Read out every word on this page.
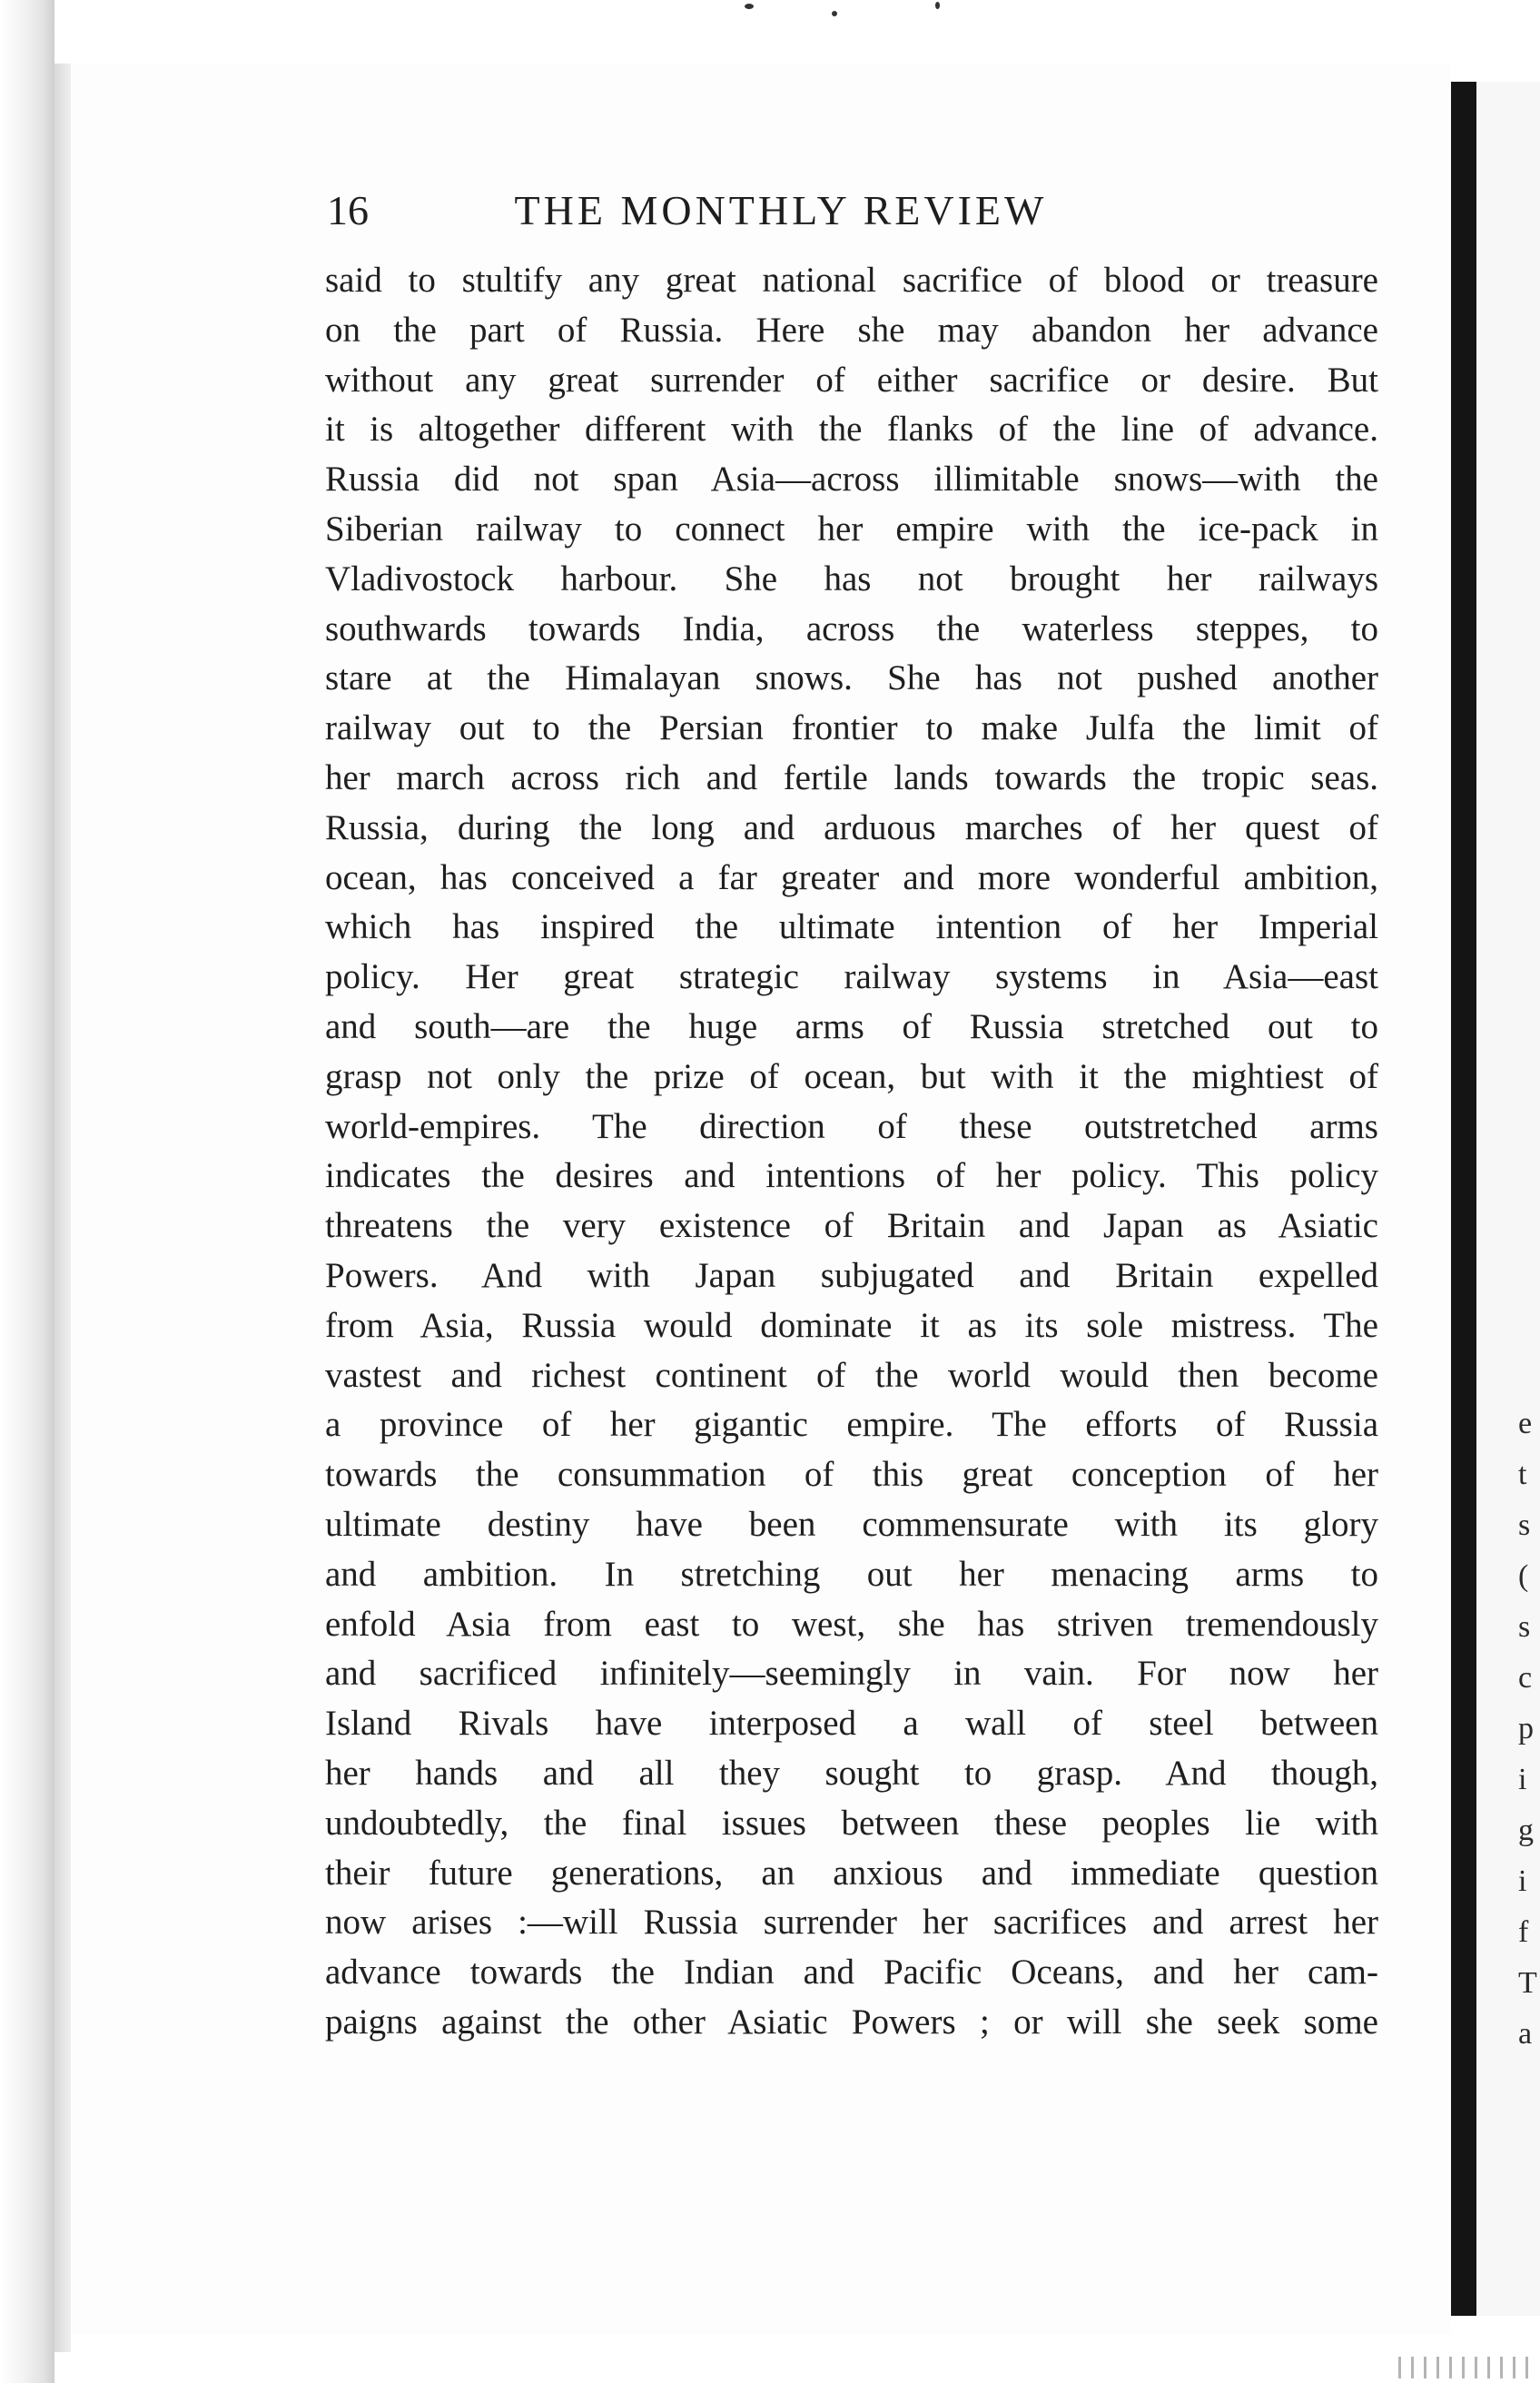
e
t
s
(
s
c
p
i
g
i
f
T
a
16	THE MONTHLY REVIEW
said to stultify any great national sacrifice of blood or treasure
on the part of Russia. Here she may abandon her advance
without any great surrender of either sacrifice or desire. But
it is altogether different with the flanks of the line of advance.
Russia did not span Asia—across illimitable snows—with the
Siberian railway to connect her empire with the ice-pack in
Vladivostock harbour. She has not brought her railways
southwards towards India, across the waterless steppes, to
stare at the Himalayan snows. She has not pushed another
railway out to the Persian frontier to make Julfa the limit of
her march across rich and fertile lands towards the tropic seas.
Russia, during the long and arduous marches of her quest of
ocean, has conceived a far greater and more wonderful ambition,
which has inspired the ultimate intention of her Imperial
policy. Her great strategic railway systems in Asia—east
and south—are the huge arms of Russia stretched out to
grasp not only the prize of ocean, but with it the mightiest of
world-empires. The direction of these outstretched arms
indicates the desires and intentions of her policy. This policy
threatens the very existence of Britain and Japan as Asiatic
Powers. And with Japan subjugated and Britain expelled
from Asia, Russia would dominate it as its sole mistress. The
vastest and richest continent of the world would then become
a province of her gigantic empire. The efforts of Russia
towards the consummation of this great conception of her
ultimate destiny have been commensurate with its glory
and ambition. In stretching out her menacing arms to
enfold Asia from east to west, she has striven tremendously
and sacrificed infinitely—seemingly in vain. For now her
Island Rivals have interposed a wall of steel between
her hands and all they sought to grasp. And though,
undoubtedly, the final issues between these peoples lie with
their future generations, an anxious and immediate question
now arises :—will Russia surrender her sacrifices and arrest her
advance towards the Indian and Pacific Oceans, and her cam-
paigns against the other Asiatic Powers ; or will she seek some
